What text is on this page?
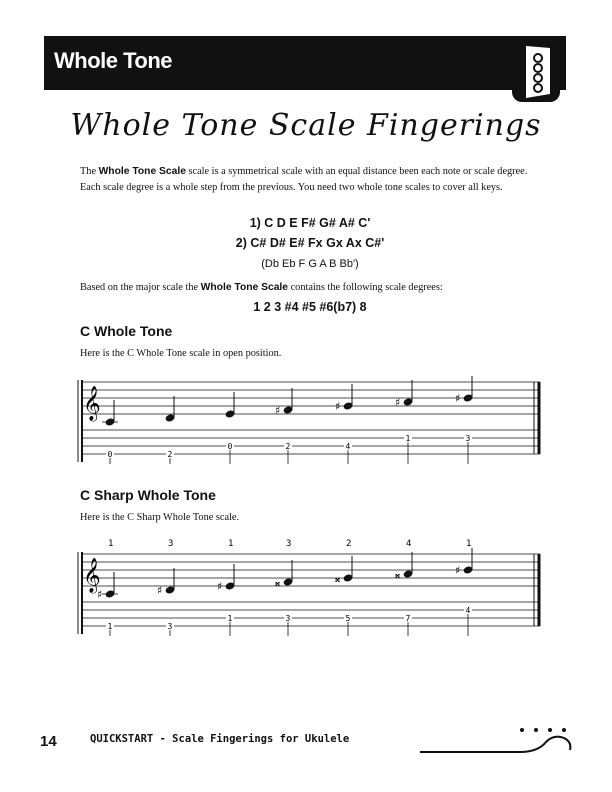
Whole Tone
Whole Tone Scale Fingerings
The Whole Tone Scale scale is a symmetrical scale with an equal distance been each note or scale degree. Each scale degree is a whole step from the previous. You need two whole tone scales to cover all keys.
1) C D E F# G# A# C'
2) C# D# E# Fx Gx Ax C#'
(Db Eb F G A B Bb')
Based on the major scale the Whole Tone Scale contains the following scale degrees:
1 2 3 #4 #5 #6(b7) 8
C Whole Tone
Here is the C Whole Tone scale in open position.
𝄞	♯	♯	♯	♯
0	2
0	2	4
1	3
C Sharp Whole Tone
Here is the C Sharp Whole Tone scale.
1	3	1	3	2	4	1
𝄞
♯	♯	♯	𝄪	𝄪	𝄪	♯
1	3
1	3	5	7
4
14	QUICKSTART - Scale Fingerings for Ukulele
